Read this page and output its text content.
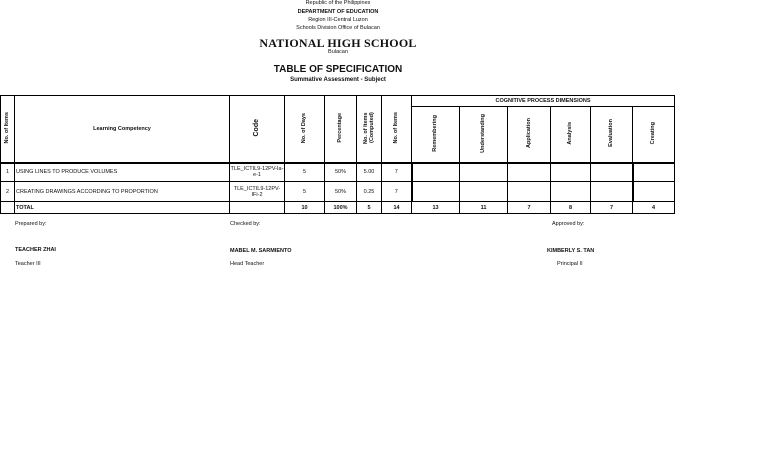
Republic of the Philippines
DEPARTMENT OF EDUCATION
Region III-Central Luzon
Schools Division Office of Bulacan
NATIONAL HIGH SCHOOL
Bulacan
TABLE OF SPECIFICATION
Summative Assessment - Subject
No. of Items	Learning Competency	Code	No. of Days	Percentage	No. of Items (Computed)	No. of Items	COGNITIVE PROCESS DIMENSIONS					
							Remembering	Understanding	Application	Analysis	Evaluation	Creating
1	USING LINES TO PRODUCE VOLUMES	TLE_ICTIL9-12PV-Ia-e-1	5	50%	5.00	7						
2	CREATING DRAWINGS ACCORDING TO PROPORTION	TLE_ICTIL9-12PV-IFi-2	5	50%	0.25	7						
	TOTAL		10	100%	5	14	13	11	7	8	7	4
Prepared by:	Checked by:	Approved by:
TEACHER ZHAI	MABEL M. SARMIENTO	KIMBERLY S. TAN
Teacher III	Head Teacher	Principal II
